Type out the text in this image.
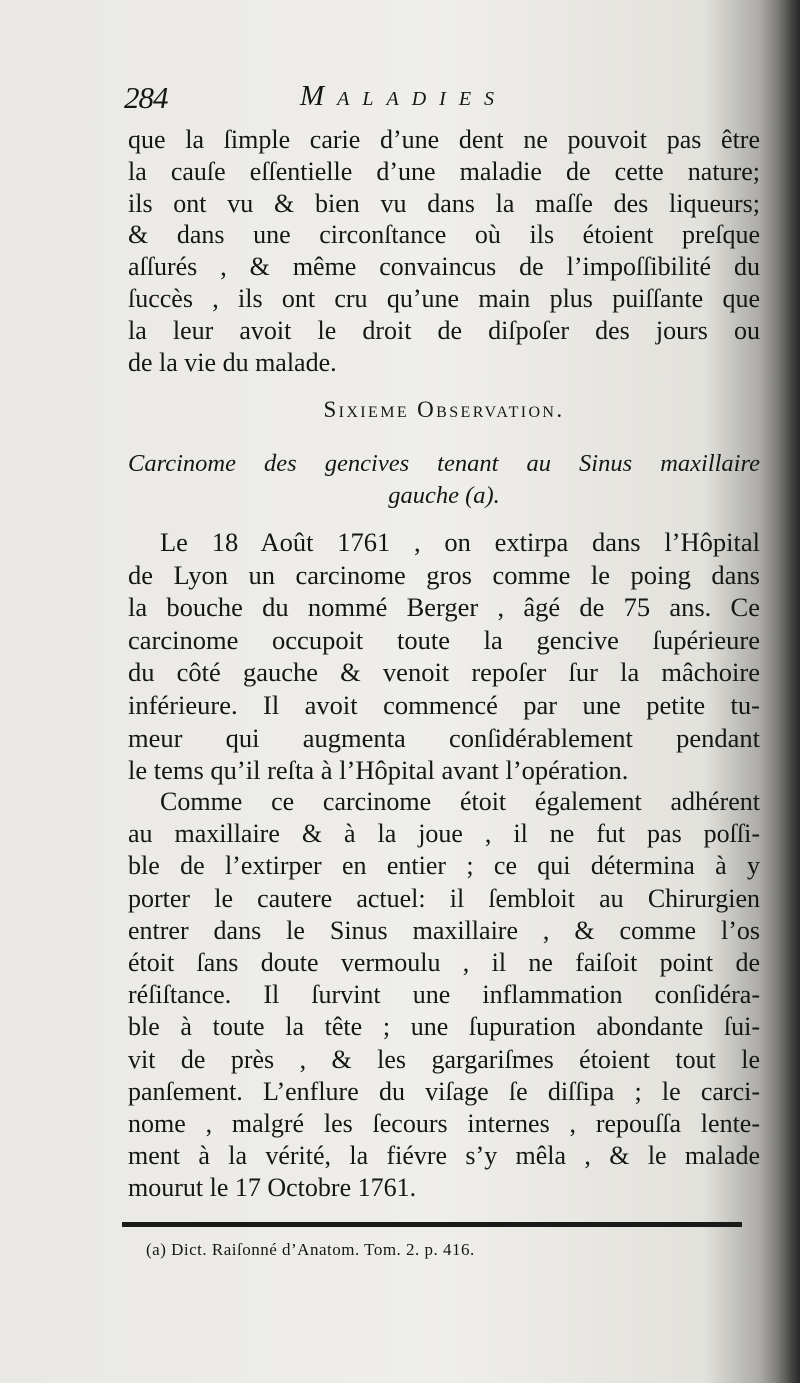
284	Maladies
que la ſimple carie d’une dent ne pouvoit pas être
la cauſe eſſentielle d’une maladie de cette nature;
ils ont vu & bien vu dans la maſſe des liqueurs;
& dans une circonſtance où ils étoient preſque
aſſurés , & même convaincus de l’impoſſibilité du
ſuccès , ils ont cru qu’une main plus puiſſante que
la leur avoit le droit de diſpoſer des jours ou
de la vie du malade.
Sixieme Observation.
Carcinome des gencives tenant au Sinus maxillaire
gauche (a).
Le 18 Août 1761 , on extirpa dans l’Hôpital
de Lyon un carcinome gros comme le poing dans
la bouche du nommé Berger , âgé de 75 ans. Ce
carcinome occupoit toute la gencive ſupérieure
du côté gauche & venoit repoſer ſur la mâchoire
inférieure. Il avoit commencé par une petite tu-
meur qui augmenta conſidérablement pendant
le tems qu’il reſta à l’Hôpital avant l’opération.
Comme ce carcinome étoit également adhérent
au maxillaire & à la joue , il ne fut pas poſſi-
ble de l’extirper en entier ; ce qui détermina à y
porter le cautere actuel: il ſembloit au Chirurgien
entrer dans le Sinus maxillaire , & comme l’os
étoit ſans doute vermoulu , il ne faiſoit point de
réſiſtance. Il ſurvint une inflammation conſidéra-
ble à toute la tête ; une ſupuration abondante ſui-
vit de près , & les gargariſmes étoient tout le
panſement. L’enflure du viſage ſe diſſipa ; le carci-
nome , malgré les ſecours internes , repouſſa lente-
ment à la vérité, la fiévre s’y mêla , & le malade
mourut le 17 Octobre 1761.
(a) Dict. Raiſonné d’Anatom. Tom. 2. p. 416.
